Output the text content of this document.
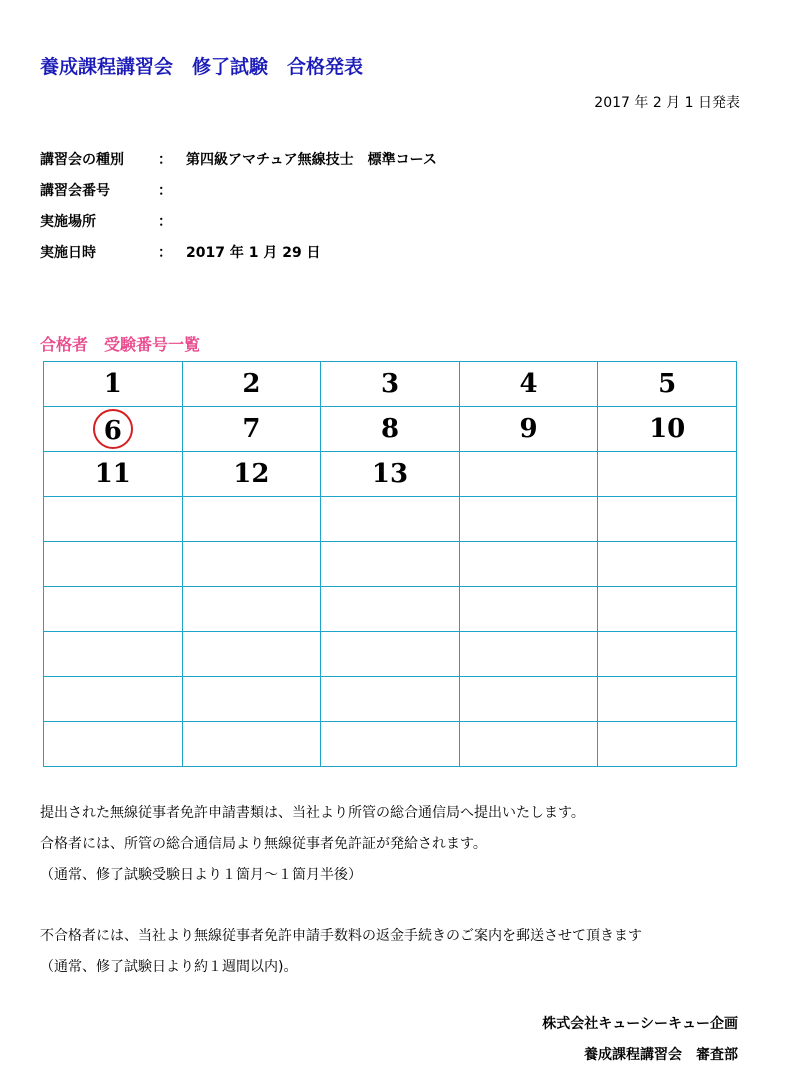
養成課程講習会　修了試験　合格発表
2017 年 2 月 1 日発表
講習会の種別	：	第四級アマチュア無線技士　標準コース
講習会番号	：
実施場所	：
実施日時	：	2017 年 1 月 29 日
合格者　受験番号一覧
1	2	3	4	5
6	7	8	9	10
11	12	13		

提出された無線従事者免許申請書類は、当社より所管の総合通信局へ提出いたします。

合格者には、所管の総合通信局より無線従事者免許証が発給されます。

（通常、修了試験受験日より１箇月～１箇月半後）

不合格者には、当社より無線従事者免許申請手数料の返金手続きのご案内を郵送させて頂きます

（通常、修了試験日より約１週間以内)。

株式会社キューシーキュー企画
養成課程講習会　審査部
